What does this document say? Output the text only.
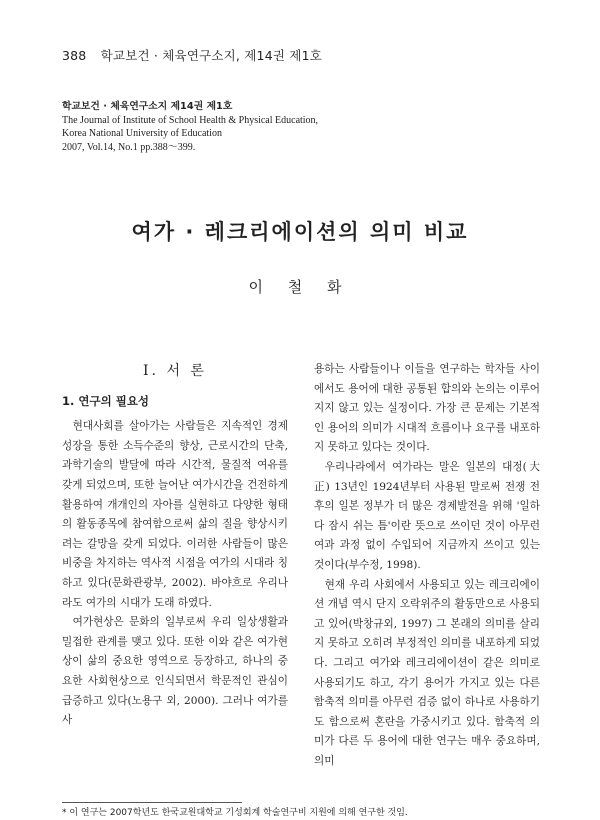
388 학교보건 · 체육연구소지, 제14권 제1호
학교보건 · 체육연구소지 제14권 제1호
The Journal of Institute of School Health & Physical Education,
Korea National University of Education
2007, Vol.14, No.1 pp.388～399.
여가 · 레크리에이션의 의미 비교
이 철 화
I. 서 론
1. 연구의 필요성

현대사회를 살아가는 사람들은 지속적인 경제성장을 통한 소득수준의 향상, 근로시간의 단축, 과학기술의 발달에 따라 시간적, 물질적 여유를 갖게 되었으며, 또한 늘어난 여가시간을 건전하게 활용하여 개개인의 자아를 실현하고 다양한 형태의 활동종목에 참여함으로써 삶의 질을 향상시키려는 갈망을 갖게 되었다. 이러한 사람들이 많은 비중을 차지하는 역사적 시점을 여가의 시대라 칭하고 있다(문화관광부, 2002). 바야흐로 우리나라도 여가의 시대가 도래 하였다.

여가현상은 문화의 일부로써 우리 일상생활과 밀접한 관계를 맺고 있다. 또한 이와 같은 여가현상이 삶의 중요한 영역으로 등장하고, 하나의 중요한 사회현상으로 인식되면서 학문적인 관심이 급증하고 있다(노용구 외, 2000). 그러나 여가를 사

용하는 사람들이나 이들을 연구하는 학자들 사이에서도 용어에 대한 공통된 합의와 논의는 이루어지지 않고 있는 실정이다. 가장 큰 문제는 기본적인 용어의 의미가 시대적 흐름이나 요구를 내포하지 못하고 있다는 것이다.

우리나라에서 여가라는 말은 일본의 대정(大正) 13년인 1924년부터 사용된 말로써 전쟁 전후의 일본 정부가 더 많은 경제발전을 위해 '일하다 잠시 쉬는 틈'이란 뜻으로 쓰이던 것이 아무런 여과 과정 없이 수입되어 지금까지 쓰이고 있는 것이다(부수정, 1998).

현재 우리 사회에서 사용되고 있는 레크리에이션 개념 역시 단지 오락위주의 활동만으로 사용되고 있어(박창규외, 1997) 그 본래의 의미를 살리지 못하고 오히려 부정적인 의미를 내포하게 되었다. 그리고 여가와 레크리에이션이 같은 의미로 사용되기도 하고, 각기 용어가 가지고 있는 다른 함축적 의미를 아무런 검증 없이 하나로 사용하기도 함으로써 혼란을 가중시키고 있다. 함축적 의미가 다른 두 용어에 대한 연구는 매우 중요하며, 의미

* 이 연구는 2007학년도 한국교원대학교 기성회계 학술연구비 지원에 의해 연구한 것임.
